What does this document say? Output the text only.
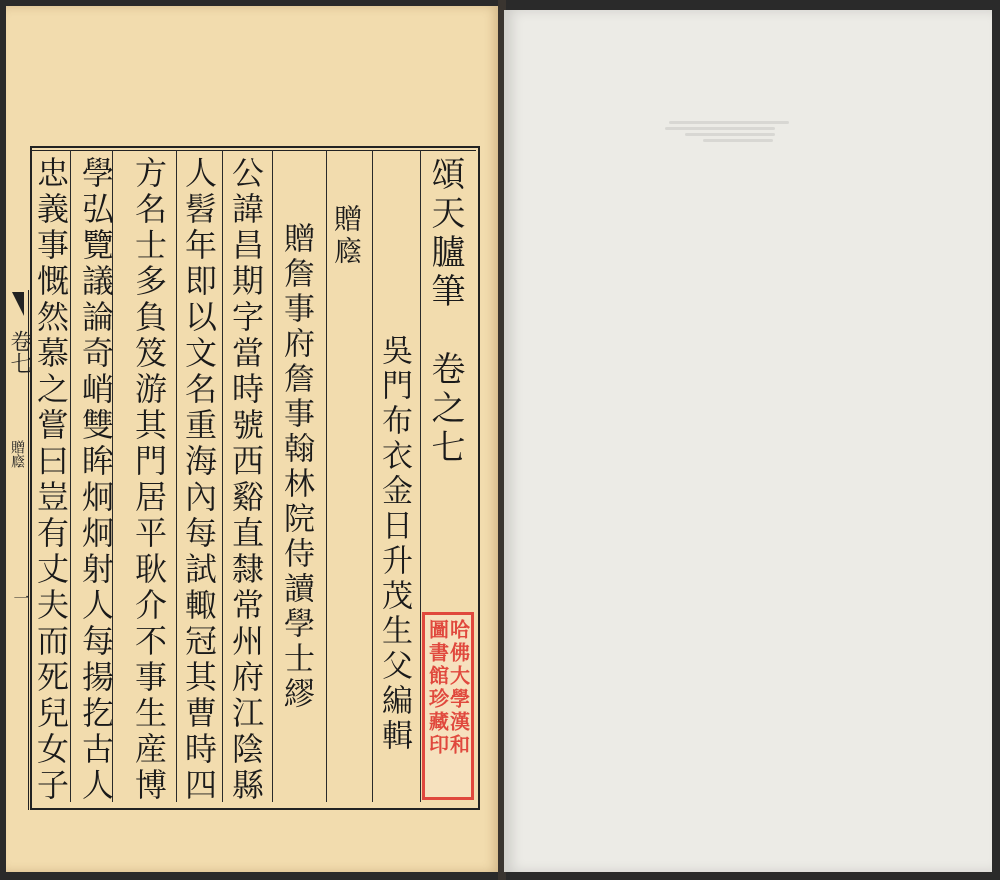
頌天臚筆　卷之七
吳門布衣金日升茂生父編輯
贈廕
贈詹事府詹事翰林院侍讀學士繆
公諱昌期字當時號西谿直隸常州府江陰縣
人髫年即以文名重海內每試輙冠其曹時四
方名士多負笈游其門居平耿介不事生産博
學弘覽議論奇峭雙眸炯炯射人每揚扢古人
忠義事慨然慕之嘗曰豈有丈夫而死兒女子
卷七
贈廕
一
哈佛大學漢和
圖書館珍藏印
